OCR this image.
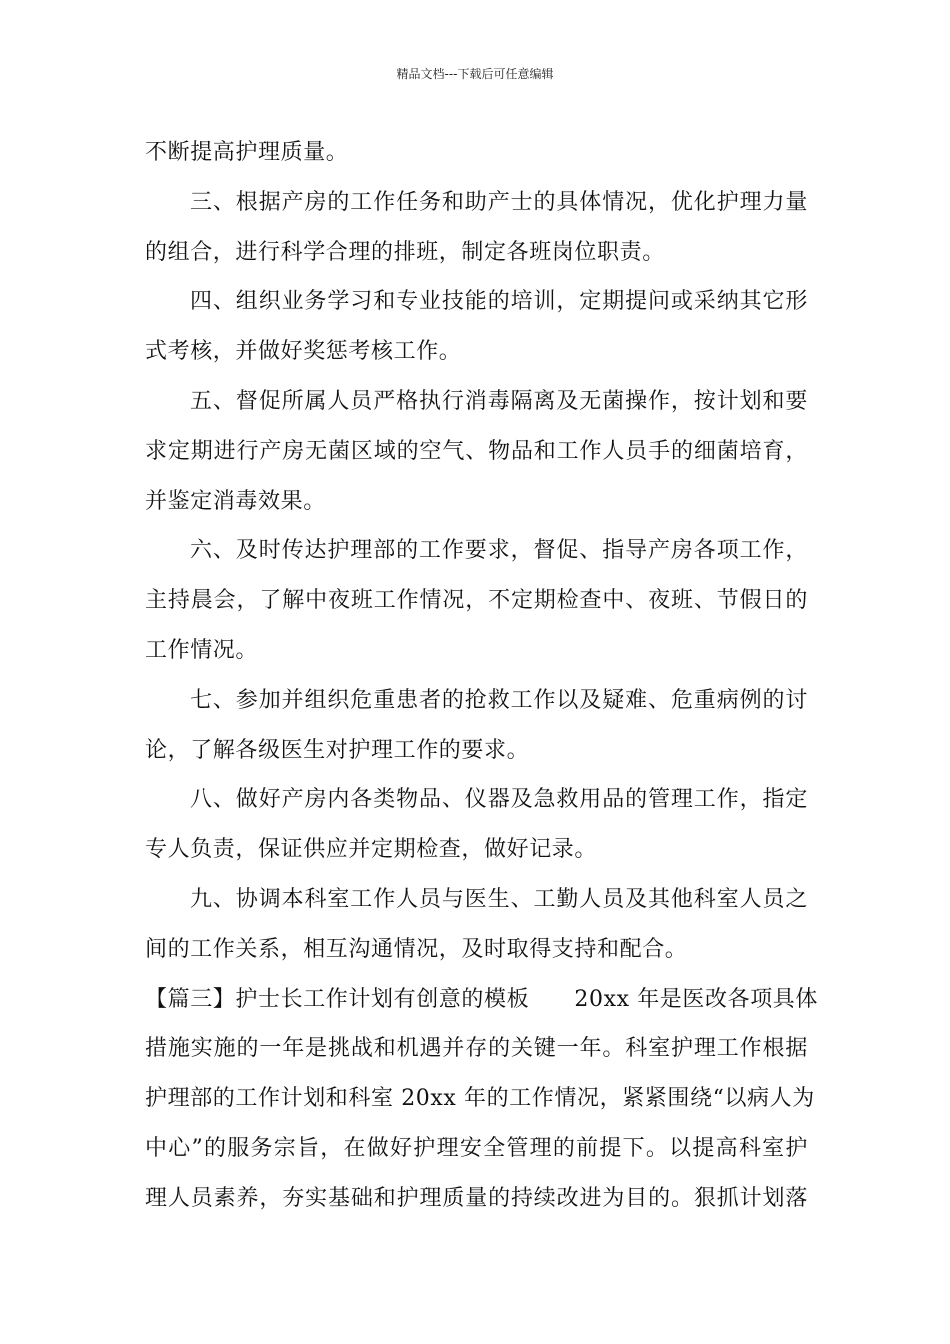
精品文档---下载后可任意编辑
不断提高护理质量。
三、根据产房的工作任务和助产士的具体情况，优化护理力量
的组合，进行科学合理的排班，制定各班岗位职责。
四、组织业务学习和专业技能的培训，定期提问或采纳其它形
式考核，并做好奖惩考核工作。
五、督促所属人员严格执行消毒隔离及无菌操作，按计划和要
求定期进行产房无菌区域的空气、物品和工作人员手的细菌培育，
并鉴定消毒效果。
六、及时传达护理部的工作要求，督促、指导产房各项工作，
主持晨会，了解中夜班工作情况，不定期检查中、夜班、节假日的
工作情况。
七、参加并组织危重患者的抢救工作以及疑难、危重病例的讨
论，了解各级医生对护理工作的要求。
八、做好产房内各类物品、仪器及急救用品的管理工作，指定
专人负责，保证供应并定期检查，做好记录。
九、协调本科室工作人员与医生、工勤人员及其他科室人员之
间的工作关系，相互沟通情况，及时取得支持和配合。
【篇三】护士长工作计划有创意的模板　　20xx 年是医改各项具体
措施实施的一年是挑战和机遇并存的关键一年。科室护理工作根据
护理部的工作计划和科室 20xx 年的工作情况，紧紧围绕“以病人为
中心”的服务宗旨，在做好护理安全管理的前提下。以提高科室护
理人员素养，夯实基础和护理质量的持续改进为目的。狠抓计划落
